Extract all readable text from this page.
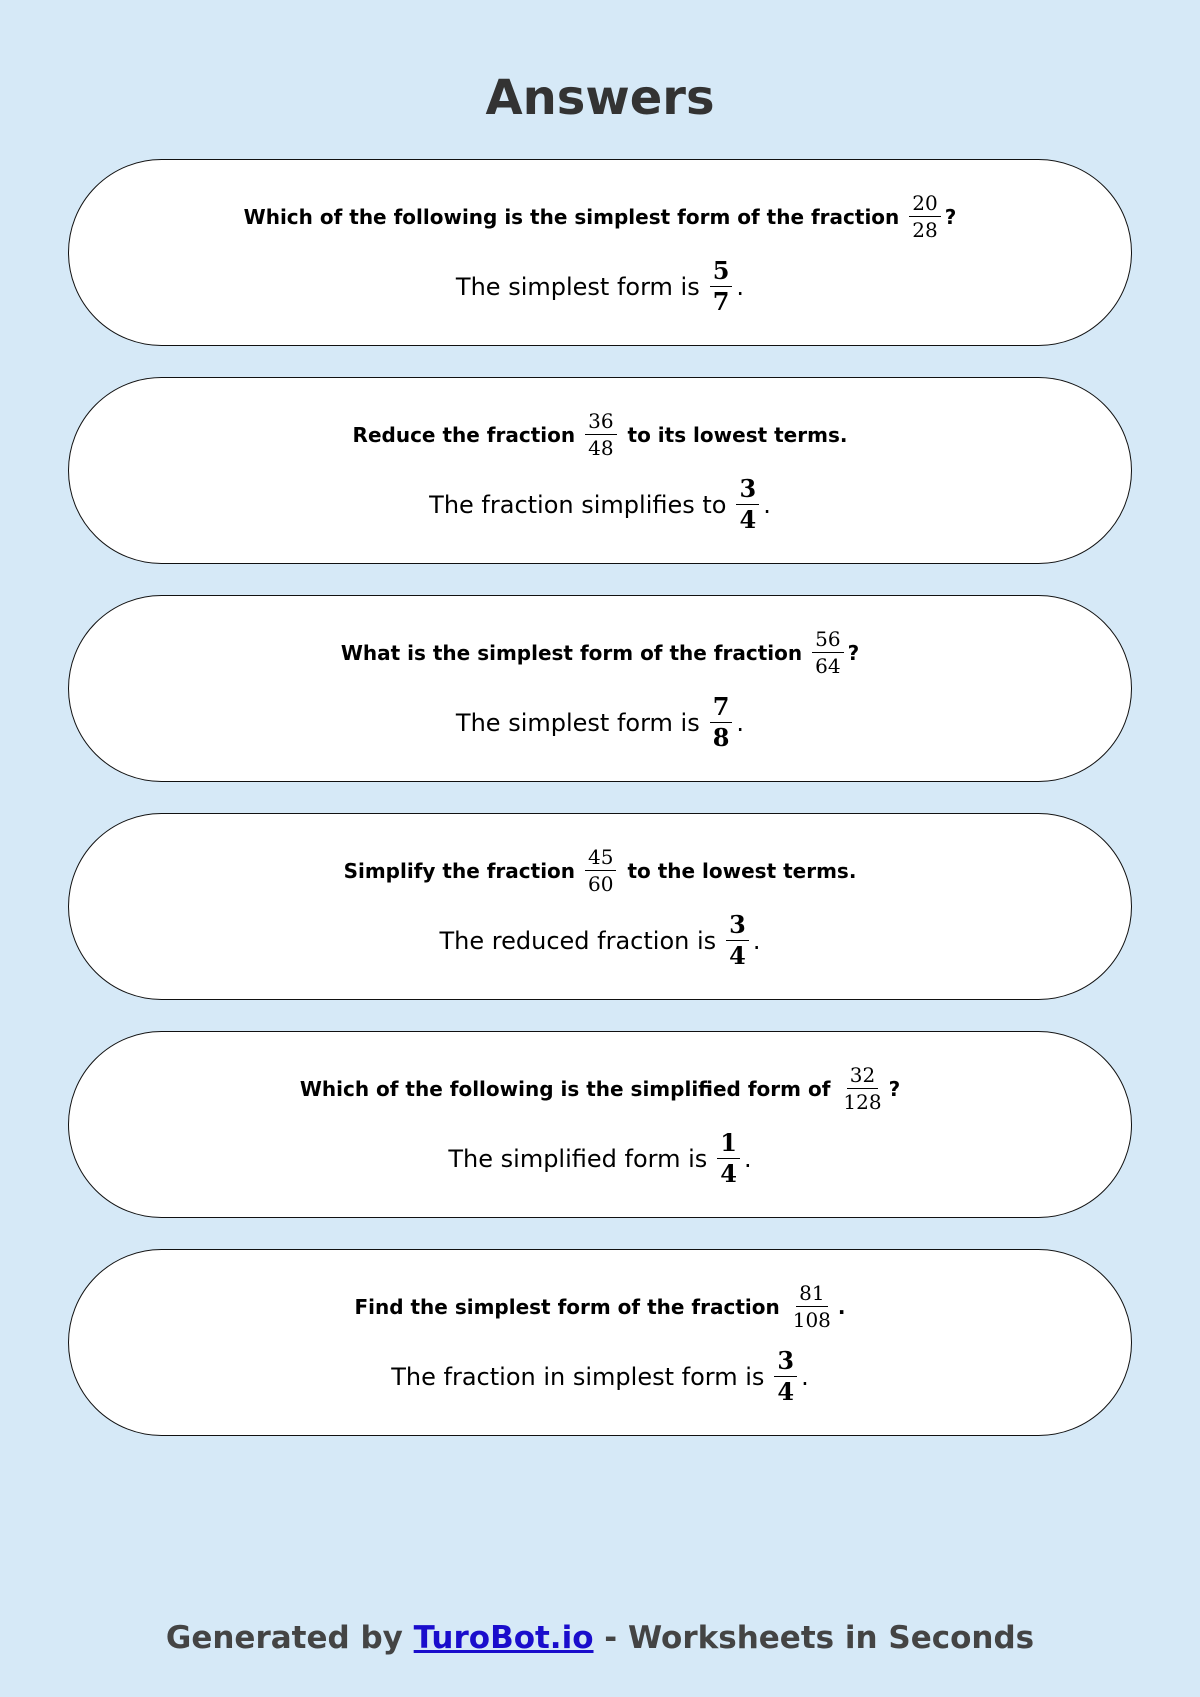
Answers
Which of the following is the simplest form of the fraction $\frac{20}{28}$ ?
The simplest form is $\frac{5}{7}$ .
Reduce the fraction $\frac{36}{48}$ to its lowest terms.
The fraction simplifies to $\frac{3}{4}$ .
What is the simplest form of the fraction $\frac{56}{64}$ ?
The simplest form is $\frac{7}{8}$ .
Simplify the fraction $\frac{45}{60}$ to the lowest terms.
The reduced fraction is $\frac{3}{4}$ .
Which of the following is the simplified form of $\frac{32}{128}$ ?
The simplified form is $\frac{1}{4}$ .
Find the simplest form of the fraction $\frac{81}{108}$ .
The fraction in simplest form is $\frac{3}{4}$ .
Generated by TuroBot.io - Worksheets in Seconds
